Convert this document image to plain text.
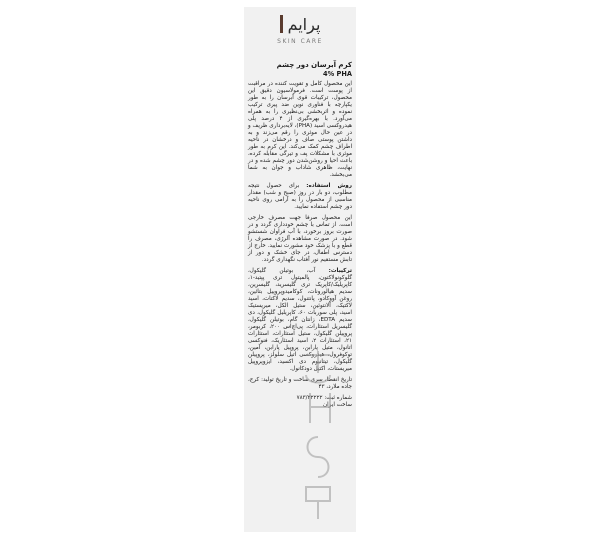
پرایم
SKIN CARE

کرم آبرسان دور چشم

4% PHA

این محصول کامل و تقویت کننده در مراقبت از پوست است. فرمولاسیون دقیق این محصول، ترکیبات قوی آبرسان را به طور یکپارچه با فناوری نوین ضد پیری ترکیب نموده و اثربخشی بی‌نظیری را به همراه می‌آورد. با بهره‌گیری از ۴ درصد پلی هیدروکسی اسید (PHA)، لایه‌برداری ظریف و در عین حال موثری را رقم می‌زند و به داشتن پوستی صاف و درخشان در ناحیه اطراف چشم کمک می‌کند. این کرم به طور موثری با مشکلات پف و تیرگی مقابله کرده، باعث احیا و روشن‌شدن دور چشم شده و در نهایت، ظاهری شاداب و جوان به شما می‌بخشد.

روش استفاده: برای حصول نتیجه مطلوب، دو بار در روز (صبح و شب) مقدار مناسبی از محصول را به آرامی روی ناحیه دور چشم استفاده نمایید.

این محصول صرفا جهت مصرف خارجی است. از تماس با چشم خودداری گردد و در صورت بروز برخورد، با آب فراوان شستشو شود. در صورت مشاهده آلرژی، مصرف را قطع و با پزشک خود مشورت نمایید. خارج از دسترس اطفال، در جای خشک و دور از تابش مستقیم نور آفتاب نگهداری گردد.

ترکیبات: آب، بوتیلن گلیکول، گلوکونولاکتون، پالمیتول تری پپتید-۱، کاپریلیک/کاپریک تری گلیسرید، گلیسرین، سدیم هیالورونات، کوکامیدوپروپیل بتائین، روغن آووکادو، پانتنول، سدیم لاکتات، اسید لاکتیک، آلانتوئین، ستیل الکل، میریستیک اسید، پلی سوربات ۶۰، کاپریلیل گلیکول، دی سدیم EDTA، زانتان گام، بوتیلن گلیکول، گلیسریل استئارات، پی‌اچ‌اس ۲۰۰، کربومر، پروپیلن گلیکول، ستیل استئارات، استئارات ۲۱، استئارات ۲، اسید استئاریک، فنوکسی اتانول، متیل پارابن، پروپیل پارابن، آمین، توکوفرول، هیدروکسی اتیل سلولز، پروپیلن گلیکول، تیتانیوم دی اکسید، ایزوپروپیل میریستات، اکتیل دودکانول.

تاریخ انقضا، سری ساخت و تاریخ تولید: کرج، جاده ملارد، ۴۳

شماره ثبت: ۷۸۳/۲۲۲۲۲

ساخت ایران
